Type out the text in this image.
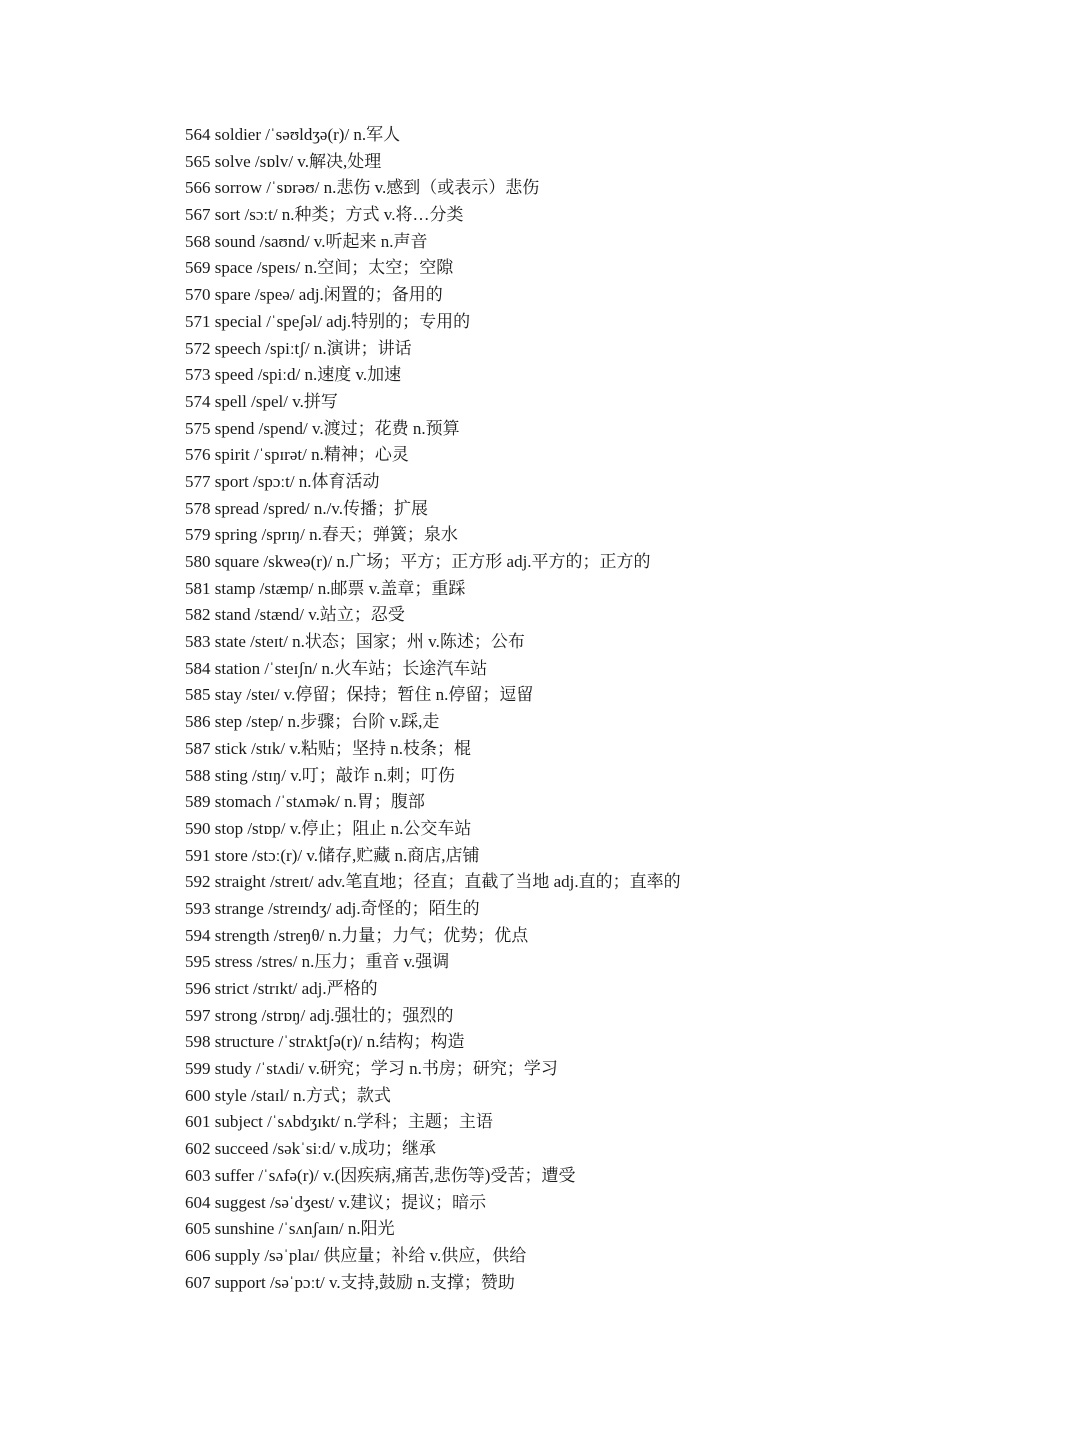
564 soldier /ˈsəʊldʒə(r)/ n.军人
565 solve /sɒlv/ v.解决,处理
566 sorrow /ˈsɒrəʊ/ n.悲伤 v.感到（或表示）悲伤
567 sort /sɔːt/ n.种类；方式 v.将…分类
568 sound /saʊnd/ v.听起来 n.声音
569 space /speɪs/ n.空间；太空；空隙
570 spare /speə/ adj.闲置的；备用的
571 special /ˈspeʃəl/ adj.特别的；专用的
572 speech /spiːtʃ/ n.演讲；讲话
573 speed /spiːd/ n.速度 v.加速
574 spell /spel/ v.拼写
575 spend /spend/ v.渡过；花费 n.预算
576 spirit /ˈspɪrət/ n.精神；心灵
577 sport /spɔːt/ n.体育活动
578 spread /spred/ n./v.传播；扩展
579 spring /sprɪŋ/ n.春天；弹簧；泉水
580 square /skweə(r)/ n.广场；平方；正方形 adj.平方的；正方的
581 stamp /stæmp/ n.邮票 v.盖章；重踩
582 stand /stænd/ v.站立；忍受
583 state /steɪt/ n.状态；国家；州 v.陈述；公布
584 station /ˈsteɪʃn/ n.火车站；长途汽车站
585 stay /steɪ/ v.停留；保持；暂住 n.停留；逗留
586 step /step/ n.步骤；台阶 v.踩,走
587 stick /stɪk/ v.粘贴；坚持 n.枝条；棍
588 sting /stɪŋ/ v.叮；敲诈 n.刺；叮伤
589 stomach /ˈstʌmək/ n.胃；腹部
590 stop /stɒp/ v.停止；阻止 n.公交车站
591 store /stɔː(r)/ v.储存,贮藏 n.商店,店铺
592 straight /streɪt/ adv.笔直地；径直；直截了当地 adj.直的；直率的
593 strange /streɪndʒ/ adj.奇怪的；陌生的
594 strength /streŋθ/ n.力量；力气；优势；优点
595 stress /stres/ n.压力；重音 v.强调
596 strict /strɪkt/ adj.严格的
597 strong /strɒŋ/ adj.强壮的；强烈的
598 structure /ˈstrʌktʃə(r)/ n.结构；构造
599 study /ˈstʌdi/ v.研究；学习 n.书房；研究；学习
600 style /staɪl/ n.方式；款式
601 subject /ˈsʌbdʒɪkt/ n.学科；主题；主语
602 succeed /səkˈsiːd/ v.成功；继承
603 suffer /ˈsʌfə(r)/ v.(因疾病,痛苦,悲伤等)受苦；遭受
604 suggest /səˈdʒest/ v.建议；提议；暗示
605 sunshine /ˈsʌnʃaɪn/ n.阳光
606 supply /səˈplaɪ/ 供应量；补给 v.供应，供给
607 support /səˈpɔːt/ v.支持,鼓励 n.支撑；赞助
